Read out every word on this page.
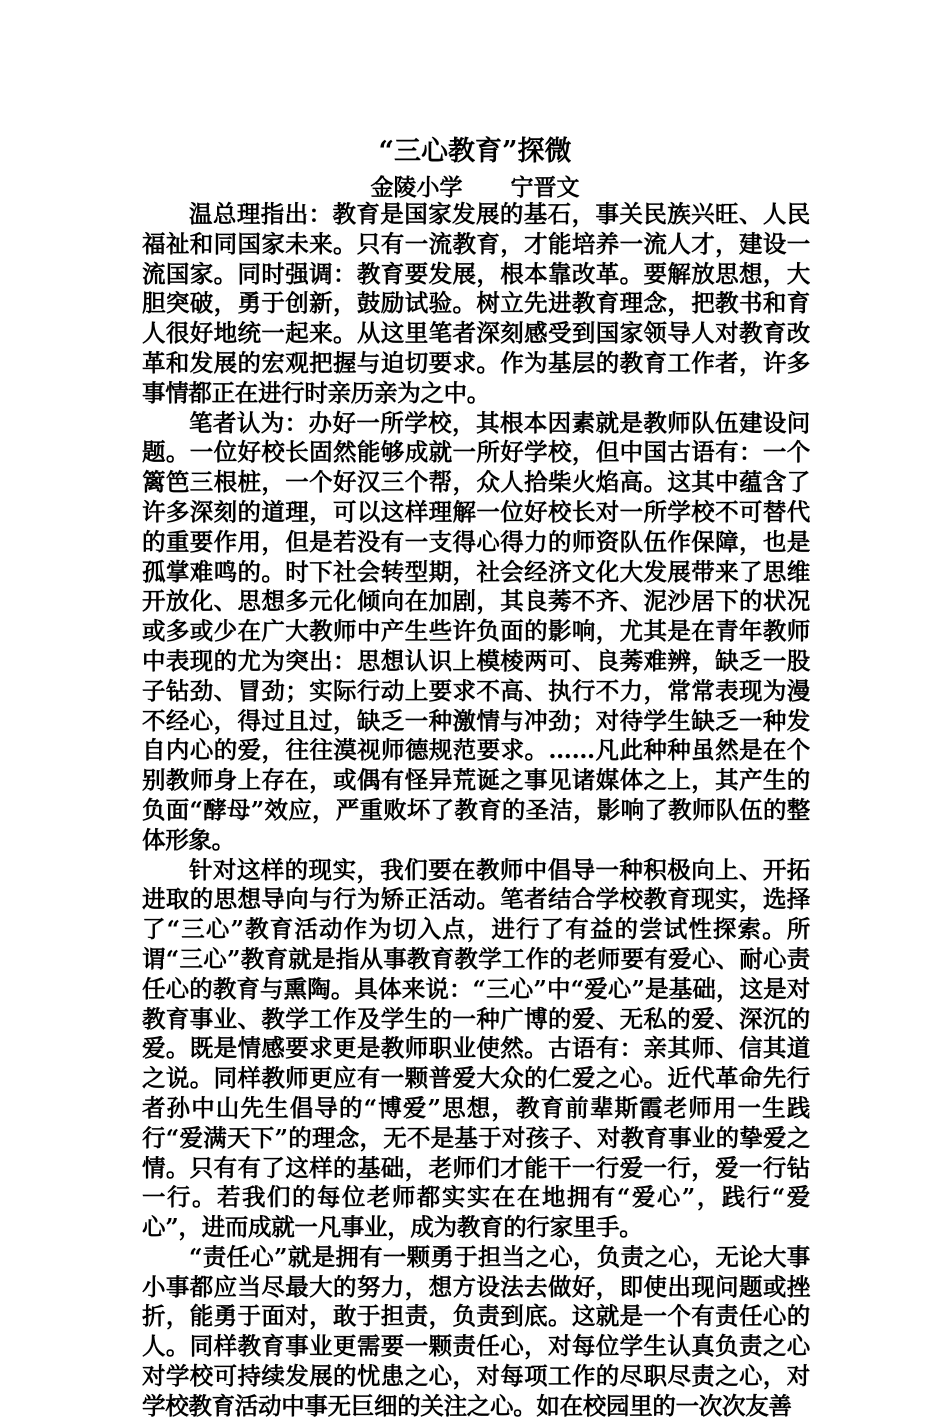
“三心教育”探微
金陵小学      宁晋文

温总理指出：教育是国家发展的基石，事关民族兴旺、人民福祉和同国家未来。只有一流教育，才能培养一流人才，建设一流国家。同时强调：教育要发展，根本靠改革。要解放思想，大胆突破，勇于创新，鼓励试验。树立先进教育理念，把教书和育人很好地统一起来。从这里笔者深刻感受到国家领导人对教育改革和发展的宏观把握与迫切要求。作为基层的教育工作者，许多事情都正在进行时亲历亲为之中。

笔者认为：办好一所学校，其根本因素就是教师队伍建设问题。一位好校长固然能够成就一所好学校，但中国古语有：一个篱笆三根桩，一个好汉三个帮，众人拾柴火焰高。这其中蕴含了许多深刻的道理，可以这样理解一位好校长对一所学校不可替代的重要作用，但是若没有一支得心得力的师资队伍作保障，也是孤掌难鸣的。时下社会转型期，社会经济文化大发展带来了思维开放化、思想多元化倾向在加剧，其良莠不齐、泥沙居下的状况或多或少在广大教师中产生些许负面的影响，尤其是在青年教师中表现的尤为突出：思想认识上模棱两可、良莠难辨，缺乏一股子钻劲、冒劲；实际行动上要求不高、执行不力，常常表现为漫不经心，得过且过，缺乏一种激情与冲劲；对待学生缺乏一种发自内心的爱，往往漠视师德规范要求。……凡此种种虽然是在个别教师身上存在，或偶有怪异荒诞之事见诸媒体之上，其产生的负面“酵母”效应，严重败坏了教育的圣洁，影响了教师队伍的整体形象。

针对这样的现实，我们要在教师中倡导一种积极向上、开拓进取的思想导向与行为矫正活动。笔者结合学校教育现实，选择了“三心”教育活动作为切入点，进行了有益的尝试性探索。所谓“三心”教育就是指从事教育教学工作的老师要有爱心、耐心责任心的教育与熏陶。具体来说：“三心”中“爱心”是基础，这是对教育事业、教学工作及学生的一种广博的爱、无私的爱、深沉的爱。既是情感要求更是教师职业使然。古语有：亲其师、信其道之说。同样教师更应有一颗普爱大众的仁爱之心。近代革命先行者孙中山先生倡导的“博爱”思想，教育前辈斯霞老师用一生践行“爱满天下”的理念，无不是基于对孩子、对教育事业的挚爱之情。只有有了这样的基础，老师们才能干一行爱一行，爱一行钻一行。若我们的每位老师都实实在在地拥有“爱心”，践行“爱心”，进而成就一凡事业，成为教育的行家里手。

“责任心”就是拥有一颗勇于担当之心，负责之心，无论大事小事都应当尽最大的努力，想方设法去做好，即使出现问题或挫折，能勇于面对，敢于担责，负责到底。这就是一个有责任心的人。同样教育事业更需要一颗责任心，对每位学生认真负责之心对学校可持续发展的忧患之心，对每项工作的尽职尽责之心，对学校教育活动中事无巨细的关注之心。如在校园里的一次次友善
